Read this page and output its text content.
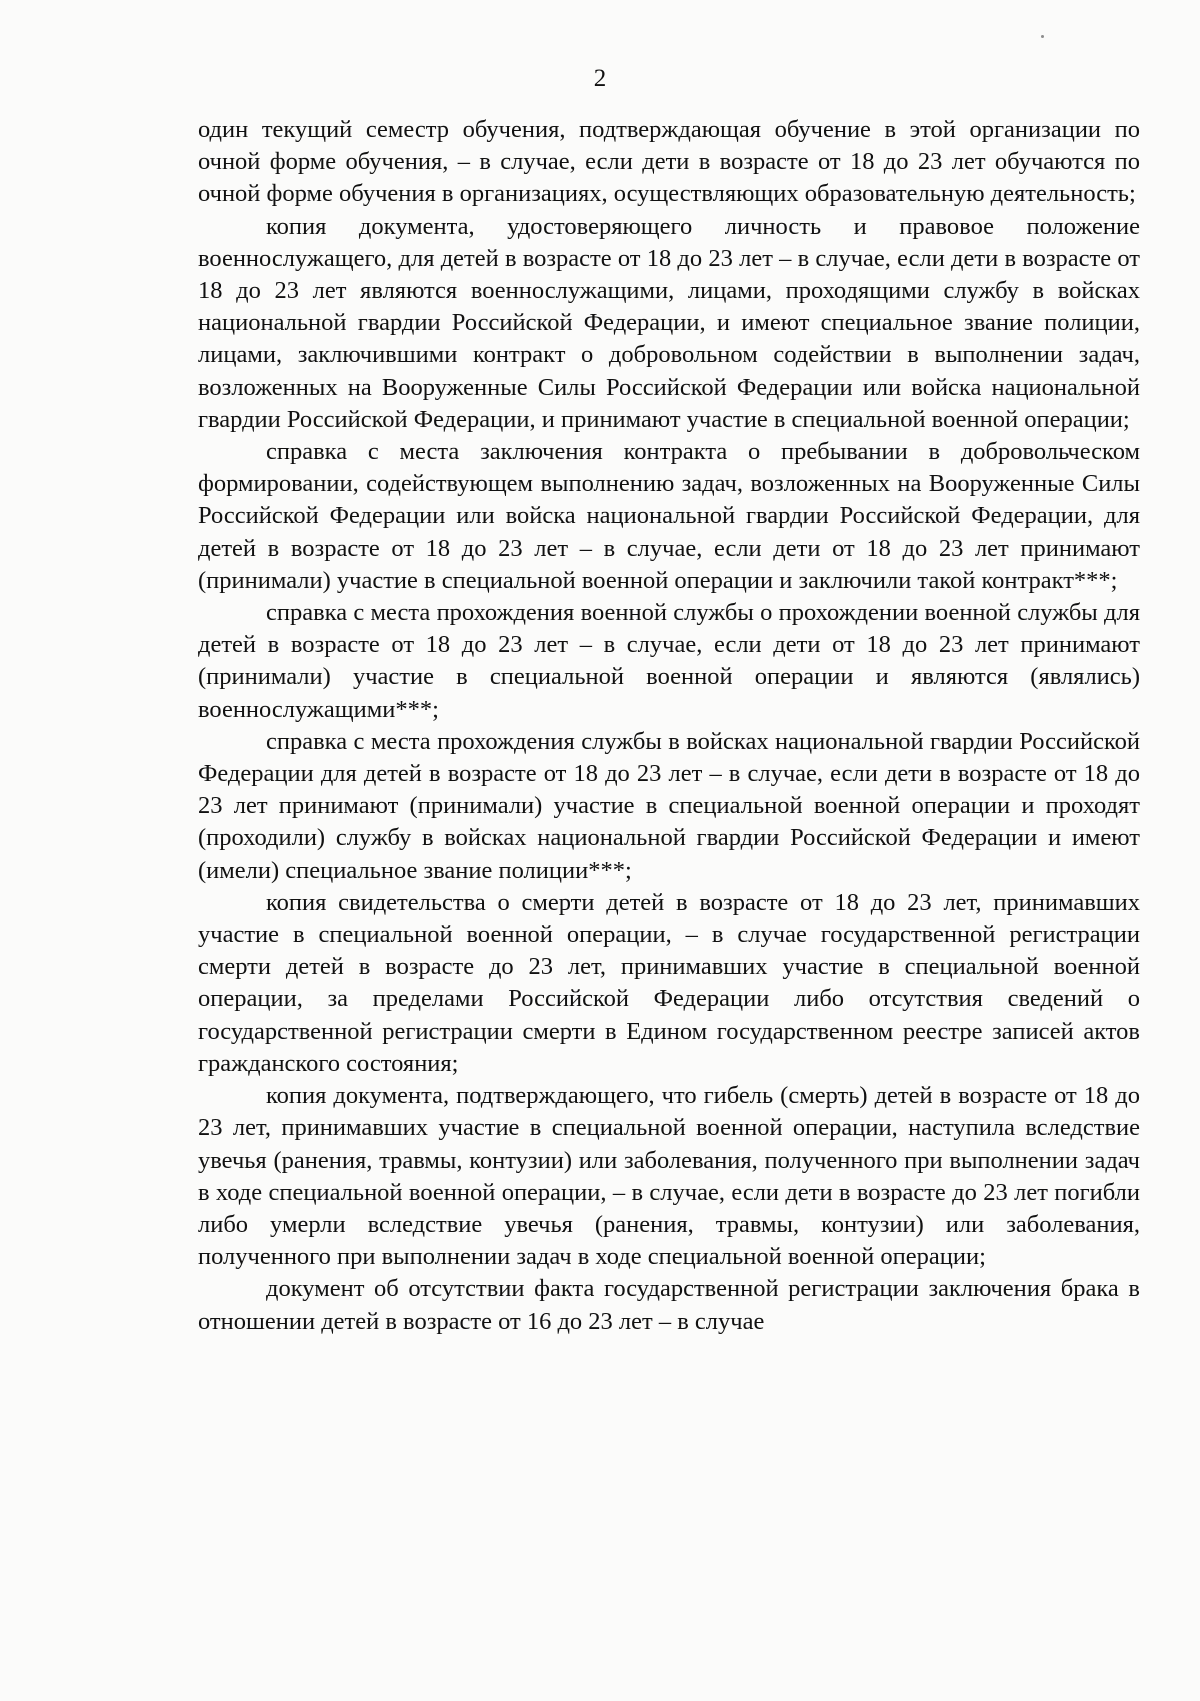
2

один текущий семестр обучения, подтверждающая обучение в этой организации по очной форме обучения, – в случае, если дети в возрасте от 18 до 23 лет обучаются по очной форме обучения в организациях, осуществляющих образовательную деятельность;

копия документа, удостоверяющего личность и правовое положение военнослужащего, для детей в возрасте от 18 до 23 лет – в случае, если дети в возрасте от 18 до 23 лет являются военнослужащими, лицами, проходящими службу в войсках национальной гвардии Российской Федерации, и имеют специальное звание полиции, лицами, заключившими контракт о добровольном содействии в выполнении задач, возложенных на Вооруженные Силы Российской Федерации или войска национальной гвардии Российской Федерации, и принимают участие в специальной военной операции;

справка с места заключения контракта о пребывании в добровольческом формировании, содействующем выполнению задач, возложенных на Вооруженные Силы Российской Федерации или войска национальной гвардии Российской Федерации, для детей в возрасте от 18 до 23 лет – в случае, если дети от 18 до 23 лет принимают (принимали) участие в специальной военной операции и заключили такой контракт***;

справка с места прохождения военной службы о прохождении военной службы для детей в возрасте от 18 до 23 лет – в случае, если дети от 18 до 23 лет принимают (принимали) участие в специальной военной операции и являются (являлись) военнослужащими***;

справка с места прохождения службы в войсках национальной гвардии Российской Федерации для детей в возрасте от 18 до 23 лет – в случае, если дети в возрасте от 18 до 23 лет принимают (принимали) участие в специальной военной операции и проходят (проходили) службу в войсках национальной гвардии Российской Федерации и имеют (имели) специальное звание полиции***;

копия свидетельства о смерти детей в возрасте от 18 до 23 лет, принимавших участие в специальной военной операции, – в случае государственной регистрации смерти детей в возрасте до 23 лет, принимавших участие в специальной военной операции, за пределами Российской Федерации либо отсутствия сведений о государственной регистрации смерти в Едином государственном реестре записей актов гражданского состояния;

копия документа, подтверждающего, что гибель (смерть) детей в возрасте от 18 до 23 лет, принимавших участие в специальной военной операции, наступила вследствие увечья (ранения, травмы, контузии) или заболевания, полученного при выполнении задач в ходе специальной военной операции, – в случае, если дети в возрасте до 23 лет погибли либо умерли вследствие увечья (ранения, травмы, контузии) или заболевания, полученного при выполнении задач в ходе специальной военной операции;

документ об отсутствии факта государственной регистрации заключения брака в отношении детей в возрасте от 16 до 23 лет – в случае
